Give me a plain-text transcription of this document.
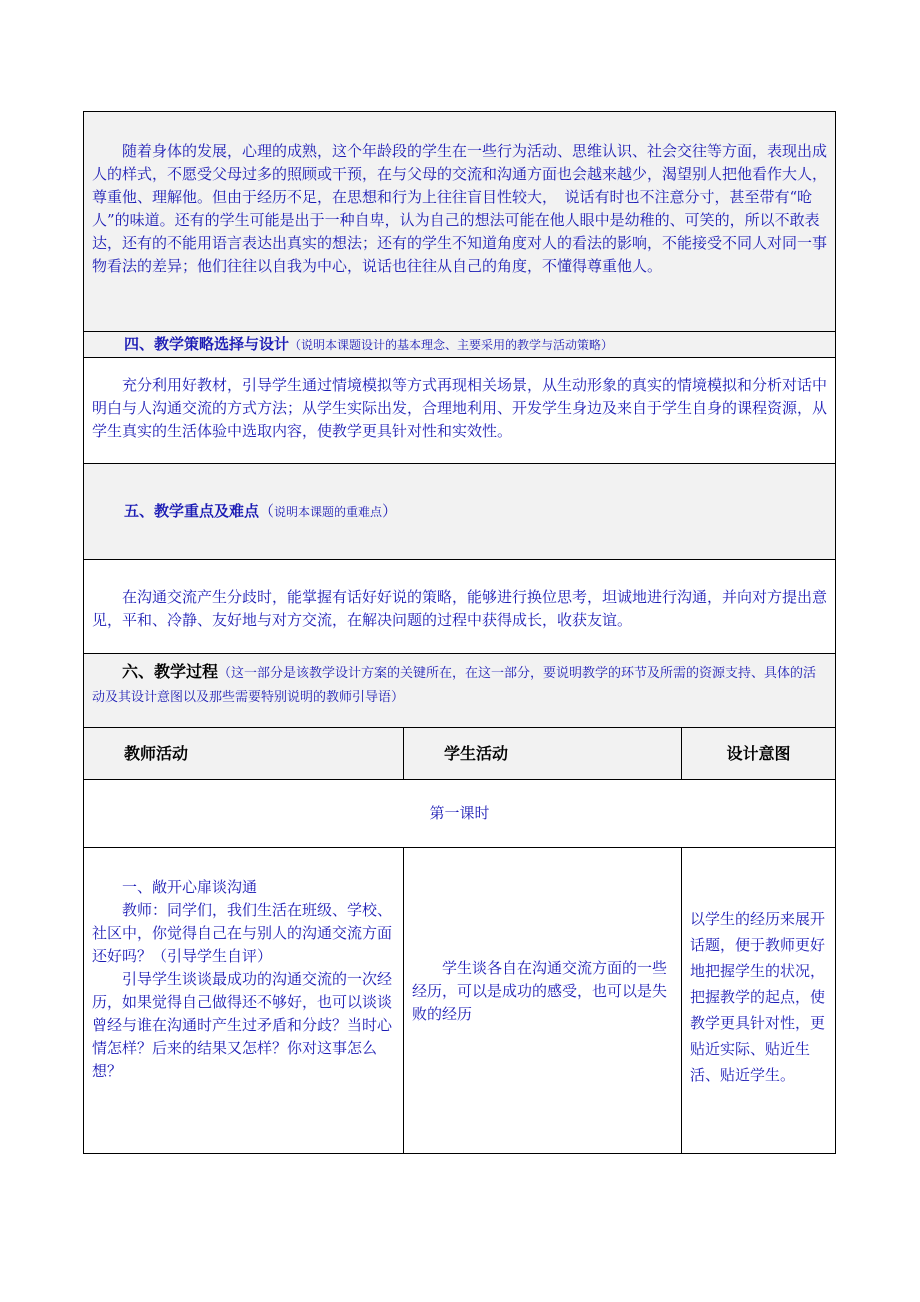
随着身体的发展，心理的成熟，这个年龄段的学生在一些行为活动、思维认识、社会交往等方面，表现出成人的样式，不愿受父母过多的照顾或干预，在与父母的交流和沟通方面也会越来越少，渴望别人把他看作大人，尊重他、理解他。但由于经历不足，在思想和行为上往往盲目性较大，　说话有时也不注意分寸，甚至带有“呛人”的味道。还有的学生可能是出于一种自卑，认为自己的想法可能在他人眼中是幼稚的、可笑的，所以不敢表达，还有的不能用语言表达出真实的想法；还有的学生不知道角度对人的看法的影响，不能接受不同人对同一事物看法的差异；他们往往以自我为中心，说话也往往从自己的角度，不懂得尊重他人。		

四、教学策略选择与设计（说明本课题设计的基本理念、主要采用的教学与活动策略）		

充分利用好教材，引导学生通过情境模拟等方式再现相关场景，从生动形象的真实的情境模拟和分析对话中明白与人沟通交流的方式方法；从学生实际出发，合理地利用、开发学生身边及来自于学生自身的课程资源，从学生真实的生活体验中选取内容，使教学更具针对性和实效性。		

五、教学重点及难点（说明本课题的重难点）		

在沟通交流产生分歧时，能掌握有话好好说的策略，能够进行换位思考，坦诚地进行沟通，并向对方提出意见，平和、冷静、友好地与对方交流，在解决问题的过程中获得成长，收获友谊。		

六、教学过程（这一部分是该教学设计方案的关键所在，在这一部分，要说明教学的环节及所需的资源支持、具体的活动及其设计意图以及那些需要特别说明的教师引导语）		

教师活动	学生活动	设计意图
第一课时		

一、敞开心扉谈沟通

教师：同学们，我们生活在班级、学校、社区中，你觉得自己在与别人的沟通交流方面还好吗？（引导学生自评）

引导学生谈谈最成功的沟通交流的一次经历，如果觉得自己做得还不够好，也可以谈谈曾经与谁在沟通时产生过矛盾和分歧？当时心情怎样？后来的结果又怎样？你对这事怎么想？	学生谈各自在沟通交流方面的一些经历，可以是成功的感受，也可以是失败的经历	以学生的经历来展开话题，便于教师更好地把握学生的状况，把握教学的起点，使教学更具针对性，更贴近实际、贴近生活、贴近学生。
